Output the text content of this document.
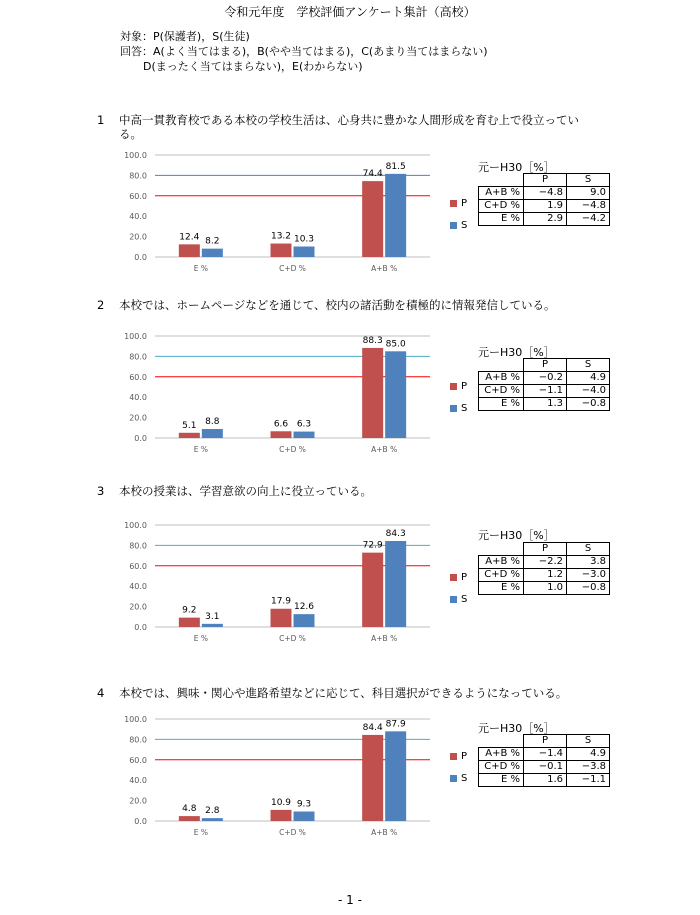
令和元年度　学校評価アンケート集計（高校）
対象：P(保護者)，S(生徒)
回答：A(よく当てはまる)，B(やや当てはまる)，C(あまり当てはまらない)
D(まったく当てはまらない)，E(わからない)
1 中高一貫教育校である本校の学校生活は、心身共に豊かな人間形成を育む上で役立っている。
0.0
20.0
40.0
60.0
80.0
100.0
12.4 8.2
E %
13.2 10.3
C+D %
74.4
81.5
A+B %
P
S
元ーH30［%］
	P	S
A+B %	−4.8	9.0
C+D %	1.9	−4.8
E %	2.9	−4.2
2 本校では、ホームページなどを通じて、校内の諸活動を積極的に情報発信している。
0.0
20.0
40.0
60.0
80.0
100.0
5.1 8.8
E %
6.6 6.3
C+D %
88.3 85.0
A+B %
P
S
元ーH30［%］
	P	S
A+B %	−0.2	4.9
C+D %	−1.1	−4.0
E %	1.3	−0.8
3 本校の授業は、学習意欲の向上に役立っている。
0.0
20.0
40.0
60.0
80.0
100.0
9.2
3.1
E %
17.9
12.6
C+D %
72.9
84.3
A+B %
P
S
元ーH30［%］
	P	S
A+B %	−2.2	3.8
C+D %	1.2	−3.0
E %	1.0	−0.8
4 本校では、興味・関心や進路希望などに応じて、科目選択ができるようになっている。
0.0
20.0
40.0
60.0
80.0
100.0
4.8 2.8
E %
10.9 9.3
C+D %
84.4 87.9
A+B %
P
S
元ーH30［%］
	P	S
A+B %	−1.4	4.9
C+D %	−0.1	−3.8
E %	1.6	−1.1
- 1 -
